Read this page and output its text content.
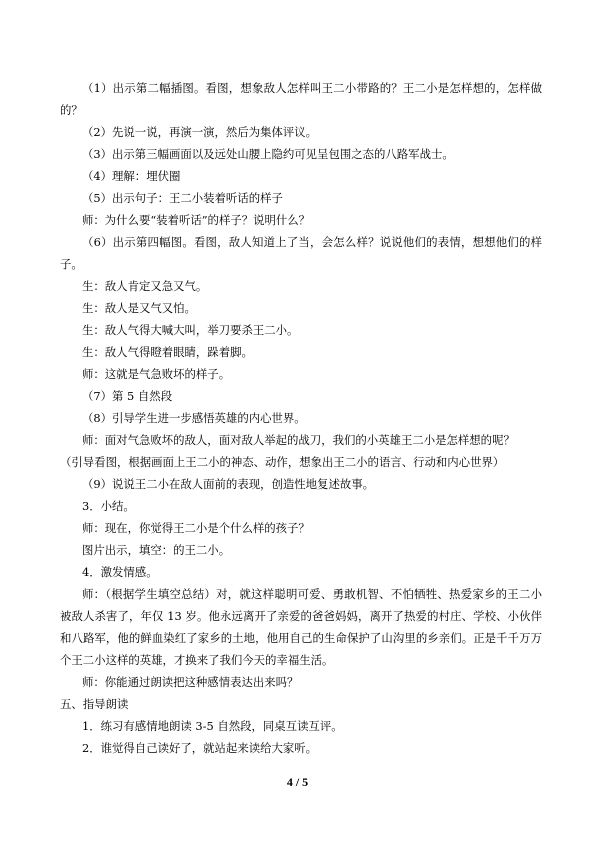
（1）出示第二幅插图。看图，想象敌人怎样叫王二小带路的？王二小是怎样想的，怎样做的？

（2）先说一说，再演一演，然后为集体评议。

（3）出示第三幅画面以及远处山腰上隐约可见呈包围之态的八路军战士。

（4）理解：埋伏圈

（5）出示句子：王二小装着听话的样子

师：为什么要“装着听话”的样子？说明什么？

（6）出示第四幅图。看图，敌人知道上了当，会怎么样？说说他们的表情，想想他们的样子。

生：敌人肯定又急又气。

生：敌人是又气又怕。

生：敌人气得大喊大叫，举刀要杀王二小。

生：敌人气得瞪着眼睛，跺着脚。

师：这就是气急败坏的样子。

（7）第 5 自然段

（8）引导学生进一步感悟英雄的内心世界。

师：面对气急败坏的敌人，面对敌人举起的战刀，我们的小英雄王二小是怎样想的呢？

（引导看图，根据画面上王二小的神态、动作，想象出王二小的语言、行动和内心世界）

（9）说说王二小在敌人面前的表现，创造性地复述故事。

3．小结。

师：现在，你觉得王二小是个什么样的孩子？

图片出示，填空：的王二小。

4．激发情感。

师：（根据学生填空总结）对，就这样聪明可爱、勇敢机智、不怕牺牲、热爱家乡的王二小被敌人杀害了，年仅 13 岁。他永远离开了亲爱的爸爸妈妈，离开了热爱的村庄、学校、小伙伴和八路军，他的鲜血染红了家乡的土地，他用自己的生命保护了山沟里的乡亲们。正是千千万万个王二小这样的英雄，才换来了我们今天的幸福生活。

师：你能通过朗读把这种感情表达出来吗？

五、指导朗读

1．练习有感情地朗读 3-5 自然段，同桌互读互评。

2．谁觉得自己读好了，就站起来读给大家听。

4 / 5
